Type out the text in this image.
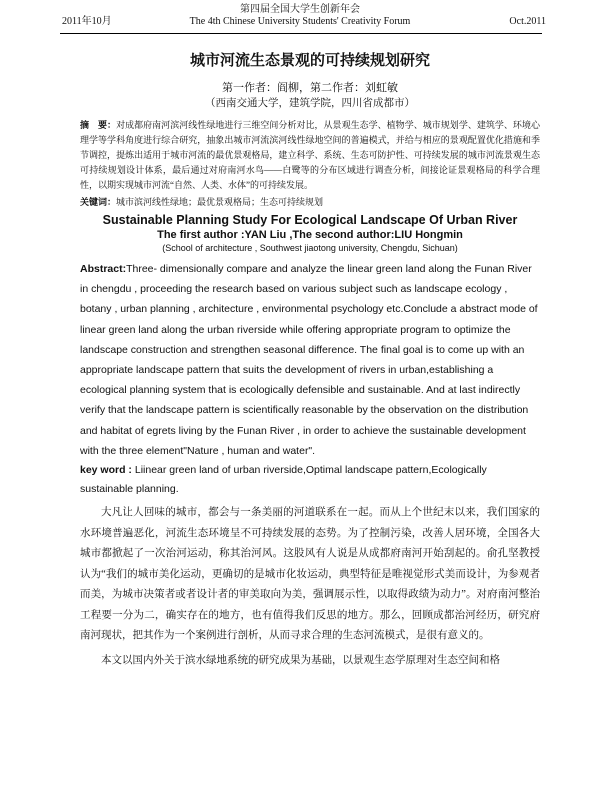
第四届全国大学生创新年会
2011年10月	The 4th Chinese University Students' Creativity Forum	Oct.2011
城市河流生态景观的可持续规划研究
第一作者：阎柳，第二作者：刘虹敏
（西南交通大学，建筑学院，四川省成都市）

摘　要：对成都府南河滨河线性绿地进行三维空间分析对比，从景观生态学、植物学、城市规划学、建筑学、环境心理学等学科角度进行综合研究，抽象出城市河流滨河线性绿地空间的普遍模式，并给与相应的景观配置优化措施和季节调控，提炼出适用于城市河流的最优景观格局，建立科学、系统、生态可防护性、可持续发展的城市河流景观生态可持续规划设计体系，最后通过对府南河水鸟——白鹭等的分布区域进行调查分析，间接论证景观格局的科学合理性，以期实现城市河流“自然、人类、水体”的可持续发展。

关键词：城市滨河线性绿地；最优景观格局；生态可持续规划

Sustainable Planning Study For Ecological Landscape Of Urban River
The first author :YAN Liu ,The second author:LIU Hongmin
(School of architecture , Southwest jiaotong university, Chengdu, Sichuan)

Abstract:Three- dimensionally compare and analyze the linear green land along the Funan River in chengdu , proceeding the research based on various subject such as landscape ecology , botany , urban planning , architecture , environmental psychology etc.Conclude a abstract mode of linear green land along the urban riverside while offering appropriate program to optimize the landscape construction and strengthen seasonal difference. The final goal is to come up with an appropriate landscape pattern that suits the development of rivers in urban,establishing a ecological planning system that is ecologically defensible and sustainable. And at last indirectly verify that the landscape pattern is scientifically reasonable by the observation on the distribution and habitat of egrets living by the Funan River , in order to achieve the sustainable development with the three element"Nature , human and water".

key word : Liinear green land of urban riverside,Optimal landscape pattern,Ecologically sustainable planning.

大凡让人回味的城市，都会与一条美丽的河道联系在一起。而从上个世纪末以来，我们国家的水环境普遍恶化，河流生态环境呈不可持续发展的态势。为了控制污染，改善人居环境，全国各大城市都掀起了一次治河运动，称其治河风。这股风有人说是从成都府南河开始刮起的。俞孔坚教授认为“我们的城市美化运动，更确切的是城市化妆运动，典型特征是唯视觉形式美而设计，为参观者而美，为城市决策者或者设计者的审美取向为美，强调展示性，以取得政绩为动力”。对府南河整治工程要一分为二，确实存在的地方，也有值得我们反思的地方。那么，回顾成都治河经历，研究府南河现状，把其作为一个案例进行剖析，从而寻求合理的生态河流模式，是很有意义的。

本文以国内外关于滨水绿地系统的研究成果为基础，以景观生态学原理对生态空间和格
